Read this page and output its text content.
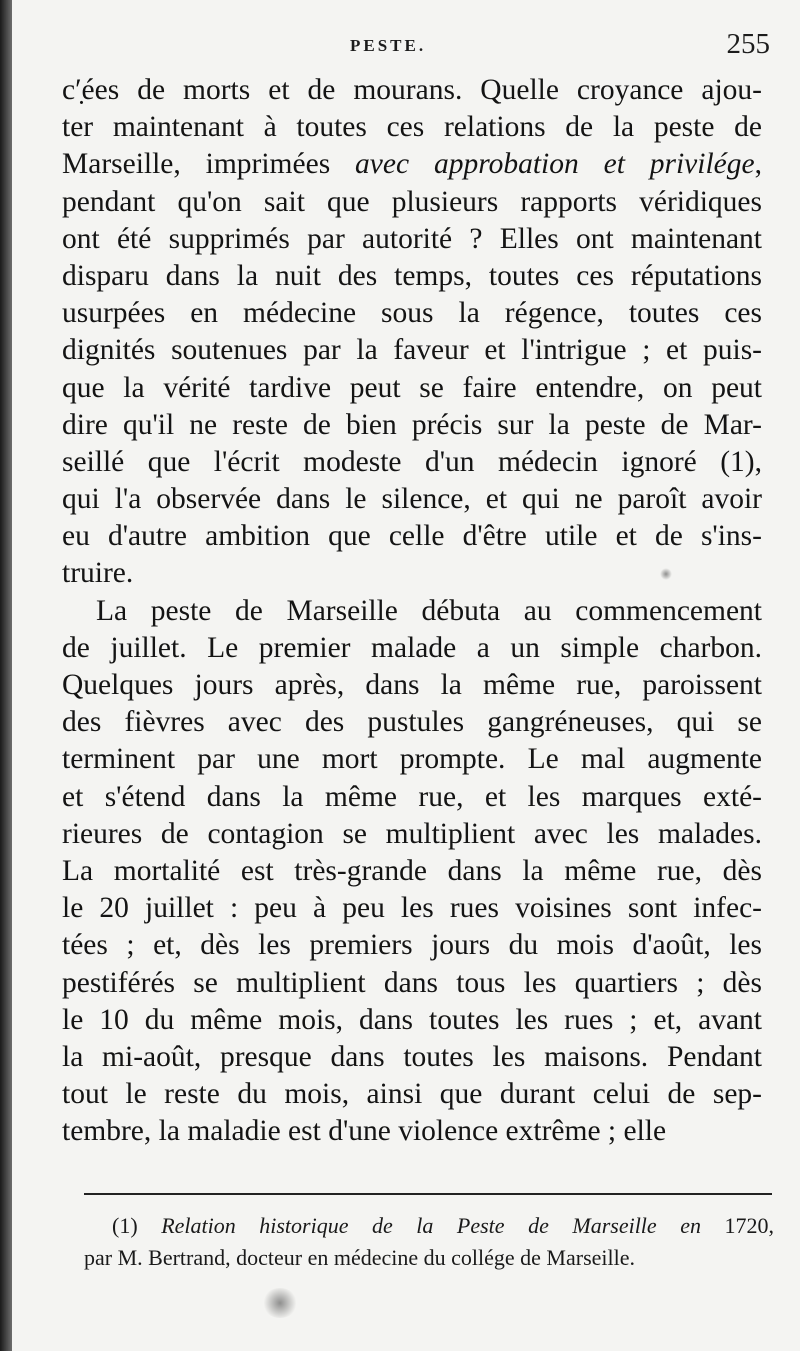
PESTE.	255
cʹ̣ées de morts et de mourans. Quelle croyance ajou-
ter maintenant à toutes ces relations de la peste de
Marseille, imprimées avec approbation et privilége,
pendant qu'on sait que plusieurs rapports véridiques
ont été supprimés par autorité ? Elles ont maintenant
disparu dans la nuit des temps, toutes ces réputations
usurpées en médecine sous la régence, toutes ces
dignités soutenues par la faveur et l'intrigue ; et puis-
que la vérité tardive peut se faire entendre, on peut
dire qu'il ne reste de bien précis sur la peste de Mar-
seillé que l'écrit modeste d'un médecin ignoré (1),
qui l'a observée dans le silence, et qui ne paroît avoir
eu d'autre ambition que celle d'être utile et de s'ins-
truire.
La peste de Marseille débuta au commencement
de juillet. Le premier malade a un simple charbon.
Quelques jours après, dans la même rue, paroissent
des fièvres avec des pustules gangréneuses, qui se
terminent par une mort prompte. Le mal augmente
et s'étend dans la même rue, et les marques exté-
rieures de contagion se multiplient avec les malades.
La mortalité est très-grande dans la même rue, dès
le 20 juillet : peu à peu les rues voisines sont infec-
tées ; et, dès les premiers jours du mois d'août, les
pestiférés se multiplient dans tous les quartiers ; dès
le 10 du même mois, dans toutes les rues ; et, avant
la mi-août, presque dans toutes les maisons. Pendant
tout le reste du mois, ainsi que durant celui de sep-
tembre, la maladie est d'une violence extrême ; elle
(1) Relation historique de la Peste de Marseille en 1720,
par M. Bertrand, docteur en médecine du collége de Marseille.
